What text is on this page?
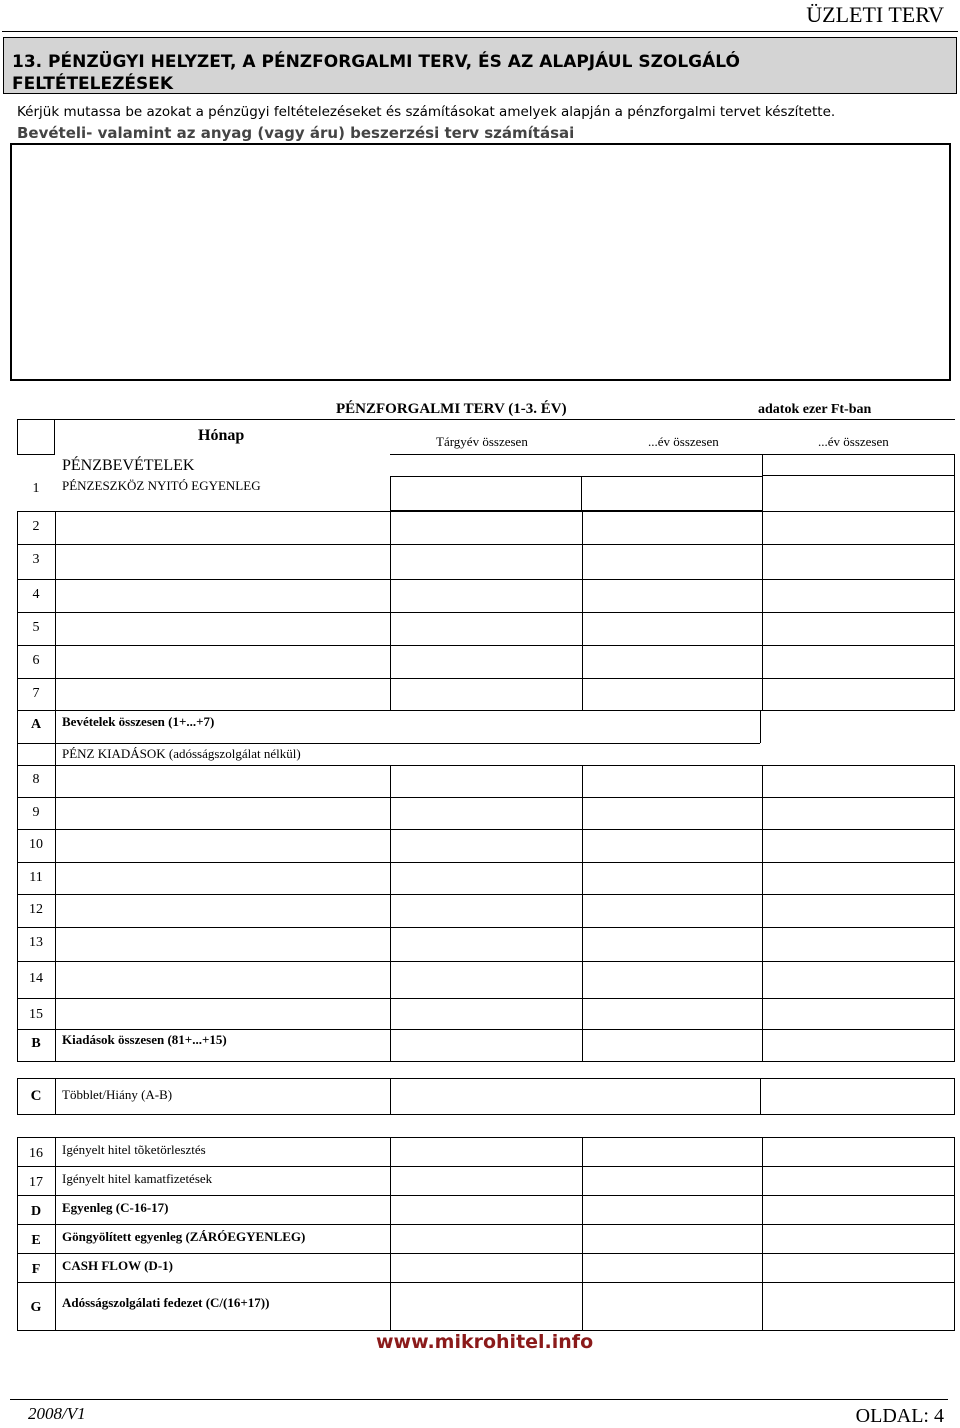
ÜZLETI TERV
13. PÉNZÜGYI HELYZET, A PÉNZFORGALMI TERV, ÉS AZ ALAPJÁUL SZOLGÁLÓ
FELTÉTELEZÉSEK
Kérjük mutassa be azokat a pénzügyi feltételezéseket és számításokat amelyek alapján a pénzforgalmi tervet készítette.
Bevételi- valamint az anyag (vagy áru) beszerzési terv számításai
PÉNZFORGALMI TERV (1-3. ÉV)	adatok ezer Ft-ban
Hónap	Tárgyév összesen	...év összesen	...év összesen
PÉNZBEVÉTELEK
PÉNZESZKÖZ NYITÓ EGYENLEG
1
2
3
4
5
6
7
A	Bevételek összesen (1+...+7)
PÉNZ KIADÁSOK (adósságszolgálat nélkül)
8
9
10
11
12
13
14
15
B	Kiadások összesen (81+...+15)
C	Többlet/Hiány (A-B)
16	Igényelt hitel tõketörlesztés
17	Igényelt hitel kamatfizetések
D	Egyenleg (C-16-17)
E	Göngyölített egyenleg (ZÁRÓEGYENLEG)
F	CASH FLOW (D-1)
G	Adósságszolgálati fedezet (C/(16+17))
www.mikrohitel.info
2008/V1	OLDAL: 4
